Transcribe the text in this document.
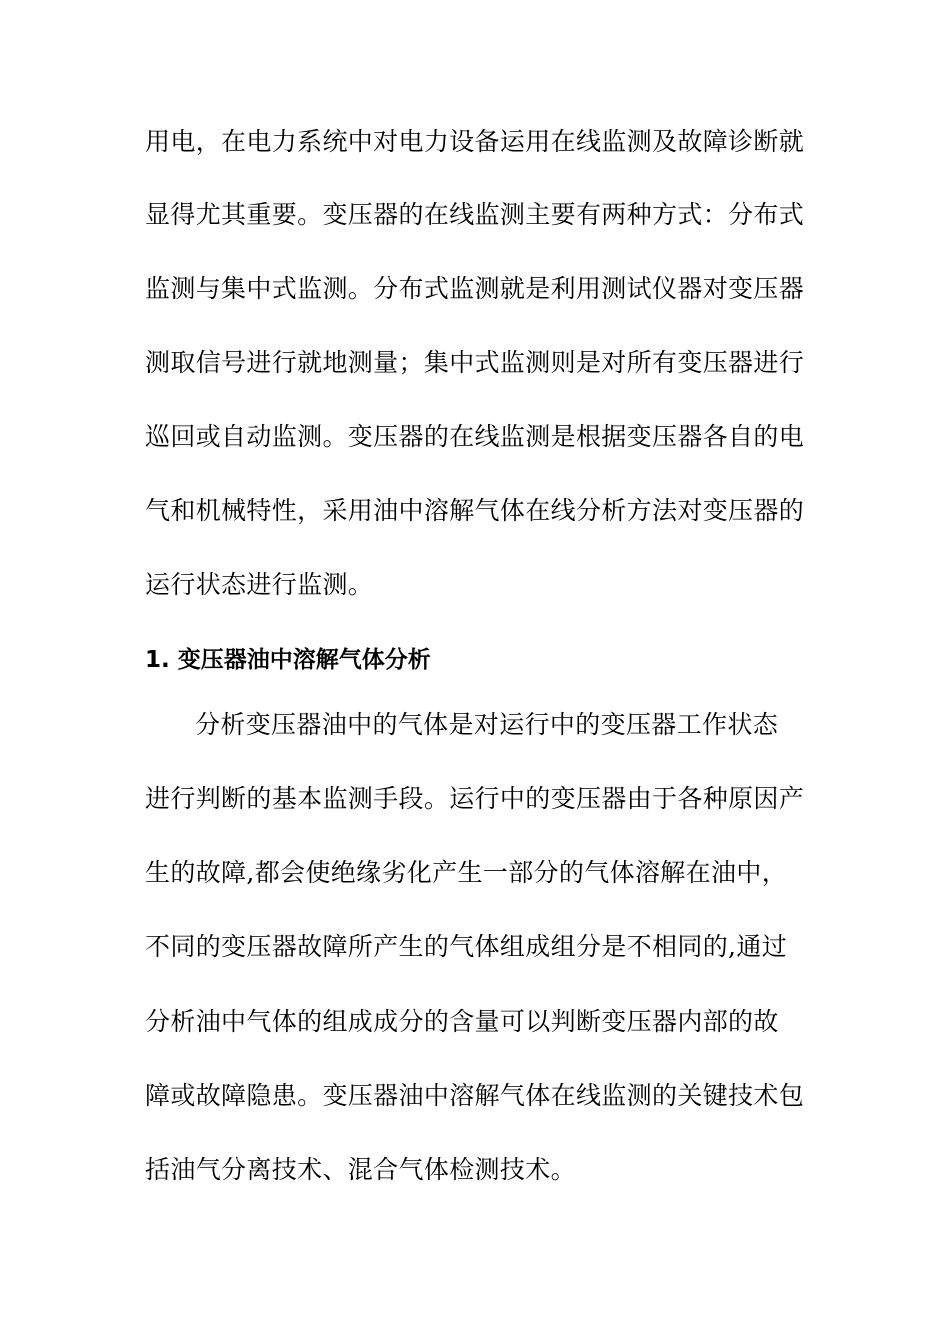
用电，在电力系统中对电力设备运用在线监测及故障诊断就
显得尤其重要。变压器的在线监测主要有两种方式：分布式
监测与集中式监测。分布式监测就是利用测试仪器对变压器
测取信号进行就地测量；集中式监测则是对所有变压器进行
巡回或自动监测。变压器的在线监测是根据变压器各自的电
气和机械特性，采用油中溶解气体在线分析方法对变压器的
运行状态进行监测。
1. 变压器油中溶解气体分析
分析变压器油中的气体是对运行中的变压器工作状态
进行判断的基本监测手段。运行中的变压器由于各种原因产
生的故障,都会使绝缘劣化产生一部分的气体溶解在油中，
不同的变压器故障所产生的气体组成组分是不相同的,通过
分析油中气体的组成成分的含量可以判断变压器内部的故
障或故障隐患。变压器油中溶解气体在线监测的关键技术包
括油气分离技术、混合气体检测技术。
